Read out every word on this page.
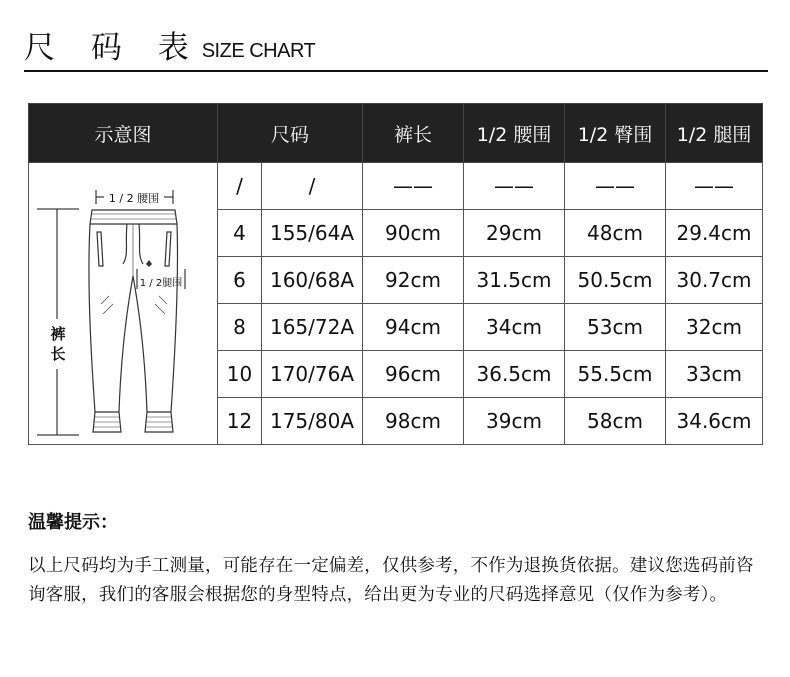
尺 码 表 SIZE CHART
示意图	尺码		裤长	1/2 腰围	1/2 臀围	1/2 腿围

1 / 2 腰围
裤
长
1 / 2腿围	/	/	——	——	——	——
	4	155/64A	90cm	29cm	48cm	29.4cm
	6	160/68A	92cm	31.5cm	50.5cm	30.7cm
	8	165/72A	94cm	34cm	53cm	32cm
	10	170/76A	96cm	36.5cm	55.5cm	33cm
	12	175/80A	98cm	39cm	58cm	34.6cm
温馨提示：
以上尺码均为手工测量，可能存在一定偏差，仅供参考，不作为退换货依据。建议您选码前咨询客服，我们的客服会根据您的身型特点，给出更为专业的尺码选择意见（仅作为参考）。
